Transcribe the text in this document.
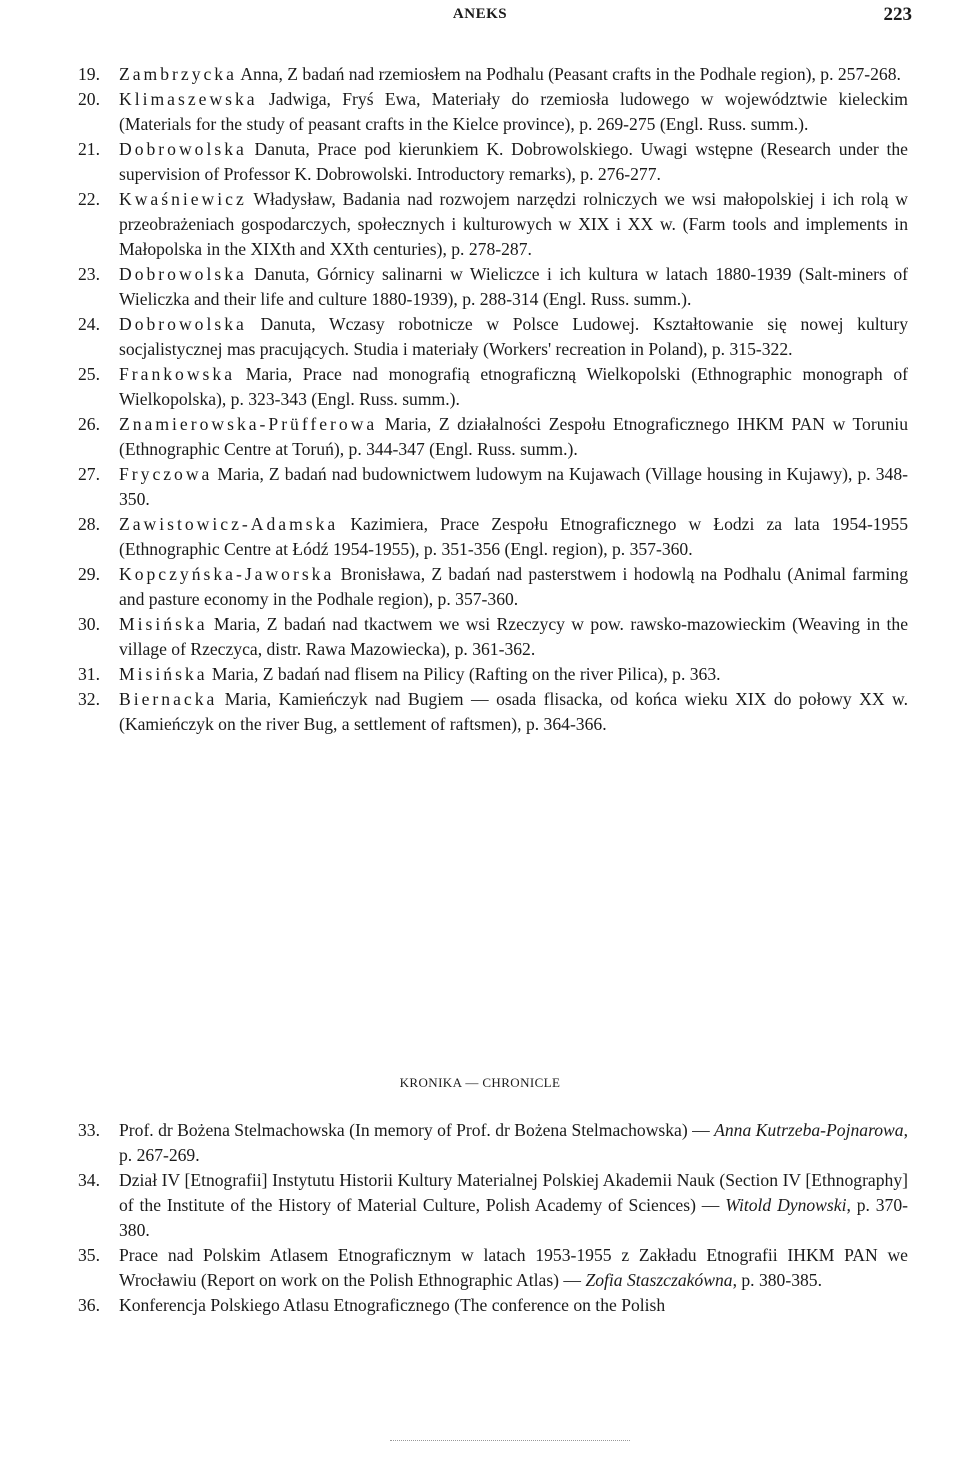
ANEKS	223
19. Zambrzycka Anna, Z badań nad rzemiosłem na Podhalu (Peasant crafts in the Podhale region), p. 257-268.
20. Klimaszewska Jadwiga, Fryś Ewa, Materiały do rzemiosła ludowego w województwie kieleckim (Materials for the study of peasant crafts in the Kielce province), p. 269-275 (Engl. Russ. summ.).
21. Dobrowolska Danuta, Prace pod kierunkiem K. Dobrowolskiego. Uwagi wstępne (Research under the supervision of Professor K. Dobrowolski. Introductory remarks), p. 276-277.
22. Kwaśniewicz Władysław, Badania nad rozwojem narzędzi rolniczych we wsi małopolskiej i ich rolą w przeobrażeniach gospodarczych, społecznych i kulturowych w XIX i XX w. (Farm tools and implements in Małopolska in the XIXth and XXth centuries), p. 278-287.
23. Dobrowolska Danuta, Górnicy salinarni w Wieliczce i ich kultura w latach 1880-1939 (Salt-miners of Wieliczka and their life and culture 1880-1939), p. 288-314 (Engl. Russ. summ.).
24. Dobrowolska Danuta, Wczasy robotnicze w Polsce Ludowej. Kształtowanie się nowej kultury socjalistycznej mas pracujących. Studia i materiały (Workers' recreation in Poland), p. 315-322.
25. Frankowska Maria, Prace nad monografią etnograficzną Wielkopolski (Ethnographic monograph of Wielkopolska), p. 323-343 (Engl. Russ. summ.).
26. Znamierowska-Prüfferowa Maria, Z działalności Zespołu Etnograficznego IHKM PAN w Toruniu (Ethnographic Centre at Toruń), p. 344-347 (Engl. Russ. summ.).
27. Fryczowa Maria, Z badań nad budownictwem ludowym na Kujawach (Village housing in Kujawy), p. 348-350.
28. Zawistowicz-Adamska Kazimiera, Prace Zespołu Etnograficznego w Łodzi za lata 1954-1955 (Ethnographic Centre at Łódź 1954-1955), p. 351-356 (Engl. region), p. 357-360.
29. Kopczyńska-Jaworska Bronisława, Z badań nad pasterstwem i hodowlą na Podhalu (Animal farming and pasture economy in the Podhale region), p. 357-360.
30. Misińska Maria, Z badań nad tkactwem we wsi Rzeczycy w pow. rawsko-mazowieckim (Weaving in the village of Rzeczyca, distr. Rawa Mazowiecka), p. 361-362.
31. Misińska Maria, Z badań nad flisem na Pilicy (Rafting on the river Pilica), p. 363.
32. Biernacka Maria, Kamieńczyk nad Bugiem — osada flisacka, od końca wieku XIX do połowy XX w. (Kamieńczyk on the river Bug, a settlement of raftsmen), p. 364-366.
KRONIKA — CHRONICLE
33. Prof. dr Bożena Stelmachowska (In memory of Prof. dr Bożena Stelmachowska) — Anna Kutrzeba-Pojnarowa, p. 267-269.
34. Dział IV [Etnografii] Instytutu Historii Kultury Materialnej Polskiej Akademii Nauk (Section IV [Ethnography] of the Institute of the History of Material Culture, Polish Academy of Sciences) — Witold Dynowski, p. 370-380.
35. Prace nad Polskim Atlasem Etnograficznym w latach 1953-1955 z Zakładu Etnografii IHKM PAN we Wrocławiu (Report on work on the Polish Ethnographic Atlas) — Zofia Staszczakówna, p. 380-385.
36. Konferencja Polskiego Atlasu Etnograficznego (The conference on the Polish
